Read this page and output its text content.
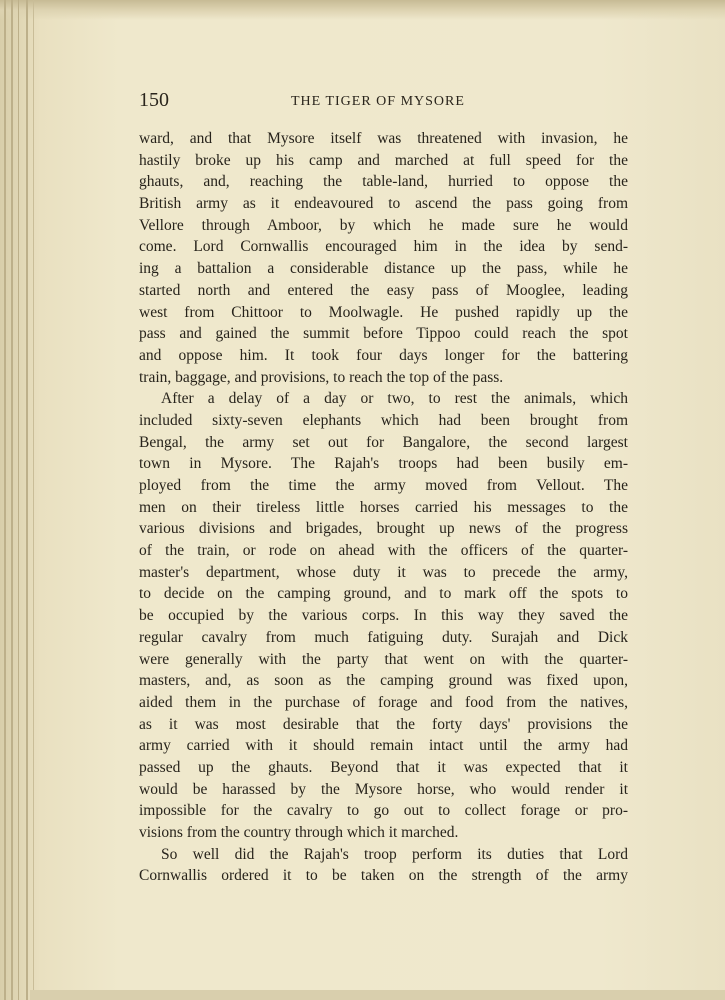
150	THE TIGER OF MYSORE
ward, and that Mysore itself was threatened with invasion, he
hastily broke up his camp and marched at full speed for the
ghauts, and, reaching the table-land, hurried to oppose the
British army as it endeavoured to ascend the pass going from
Vellore through Amboor, by which he made sure he would
come. Lord Cornwallis encouraged him in the idea by send-
ing a battalion a considerable distance up the pass, while he
started north and entered the easy pass of Mooglee, leading
west from Chittoor to Moolwagle. He pushed rapidly up the
pass and gained the summit before Tippoo could reach the spot
and oppose him. It took four days longer for the battering
train, baggage, and provisions, to reach the top of the pass.
After a delay of a day or two, to rest the animals, which
included sixty-seven elephants which had been brought from
Bengal, the army set out for Bangalore, the second largest
town in Mysore. The Rajah's troops had been busily em-
ployed from the time the army moved from Vellout. The
men on their tireless little horses carried his messages to the
various divisions and brigades, brought up news of the progress
of the train, or rode on ahead with the officers of the quarter-
master's department, whose duty it was to precede the army,
to decide on the camping ground, and to mark off the spots to
be occupied by the various corps. In this way they saved the
regular cavalry from much fatiguing duty. Surajah and Dick
were generally with the party that went on with the quarter-
masters, and, as soon as the camping ground was fixed upon,
aided them in the purchase of forage and food from the natives,
as it was most desirable that the forty days' provisions the
army carried with it should remain intact until the army had
passed up the ghauts. Beyond that it was expected that it
would be harassed by the Mysore horse, who would render it
impossible for the cavalry to go out to collect forage or pro-
visions from the country through which it marched.
So well did the Rajah's troop perform its duties that Lord
Cornwallis ordered it to be taken on the strength of the army
